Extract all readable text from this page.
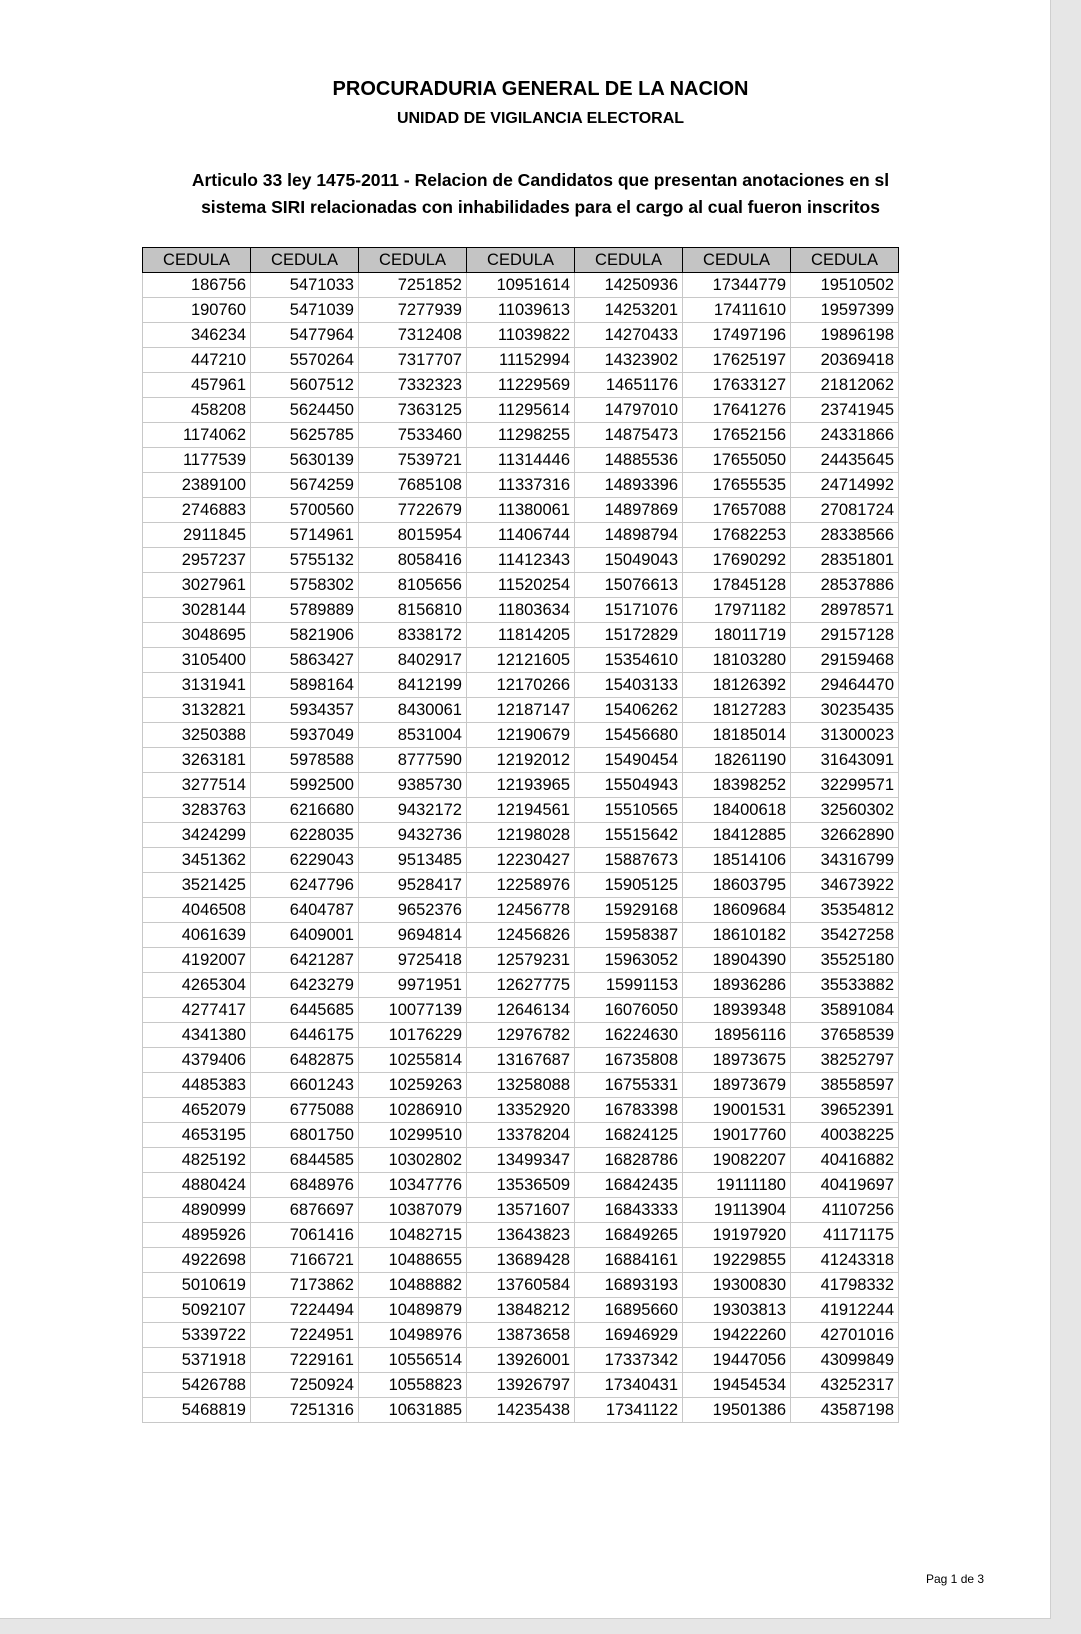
PROCURADURIA GENERAL DE LA NACION
UNIDAD DE VIGILANCIA ELECTORAL
Articulo 33 ley 1475-2011 - Relacion de Candidatos que presentan anotaciones en sl
sistema SIRI relacionadas con inhabilidades para el cargo al cual fueron inscritos
CEDULA	CEDULA	CEDULA	CEDULA	CEDULA	CEDULA	CEDULA
186756	5471033	7251852	10951614	14250936	17344779	19510502
190760	5471039	7277939	11039613	14253201	17411610	19597399
346234	5477964	7312408	11039822	14270433	17497196	19896198
447210	5570264	7317707	11152994	14323902	17625197	20369418
457961	5607512	7332323	11229569	14651176	17633127	21812062
458208	5624450	7363125	11295614	14797010	17641276	23741945
1174062	5625785	7533460	11298255	14875473	17652156	24331866
1177539	5630139	7539721	11314446	14885536	17655050	24435645
2389100	5674259	7685108	11337316	14893396	17655535	24714992
2746883	5700560	7722679	11380061	14897869	17657088	27081724
2911845	5714961	8015954	11406744	14898794	17682253	28338566
2957237	5755132	8058416	11412343	15049043	17690292	28351801
3027961	5758302	8105656	11520254	15076613	17845128	28537886
3028144	5789889	8156810	11803634	15171076	17971182	28978571
3048695	5821906	8338172	11814205	15172829	18011719	29157128
3105400	5863427	8402917	12121605	15354610	18103280	29159468
3131941	5898164	8412199	12170266	15403133	18126392	29464470
3132821	5934357	8430061	12187147	15406262	18127283	30235435
3250388	5937049	8531004	12190679	15456680	18185014	31300023
3263181	5978588	8777590	12192012	15490454	18261190	31643091
3277514	5992500	9385730	12193965	15504943	18398252	32299571
3283763	6216680	9432172	12194561	15510565	18400618	32560302
3424299	6228035	9432736	12198028	15515642	18412885	32662890
3451362	6229043	9513485	12230427	15887673	18514106	34316799
3521425	6247796	9528417	12258976	15905125	18603795	34673922
4046508	6404787	9652376	12456778	15929168	18609684	35354812
4061639	6409001	9694814	12456826	15958387	18610182	35427258
4192007	6421287	9725418	12579231	15963052	18904390	35525180
4265304	6423279	9971951	12627775	15991153	18936286	35533882
4277417	6445685	10077139	12646134	16076050	18939348	35891084
4341380	6446175	10176229	12976782	16224630	18956116	37658539
4379406	6482875	10255814	13167687	16735808	18973675	38252797
4485383	6601243	10259263	13258088	16755331	18973679	38558597
4652079	6775088	10286910	13352920	16783398	19001531	39652391
4653195	6801750	10299510	13378204	16824125	19017760	40038225
4825192	6844585	10302802	13499347	16828786	19082207	40416882
4880424	6848976	10347776	13536509	16842435	19111180	40419697
4890999	6876697	10387079	13571607	16843333	19113904	41107256
4895926	7061416	10482715	13643823	16849265	19197920	41171175
4922698	7166721	10488655	13689428	16884161	19229855	41243318
5010619	7173862	10488882	13760584	16893193	19300830	41798332
5092107	7224494	10489879	13848212	16895660	19303813	41912244
5339722	7224951	10498976	13873658	16946929	19422260	42701016
5371918	7229161	10556514	13926001	17337342	19447056	43099849
5426788	7250924	10558823	13926797	17340431	19454534	43252317
5468819	7251316	10631885	14235438	17341122	19501386	43587198
Pag 1 de 3
